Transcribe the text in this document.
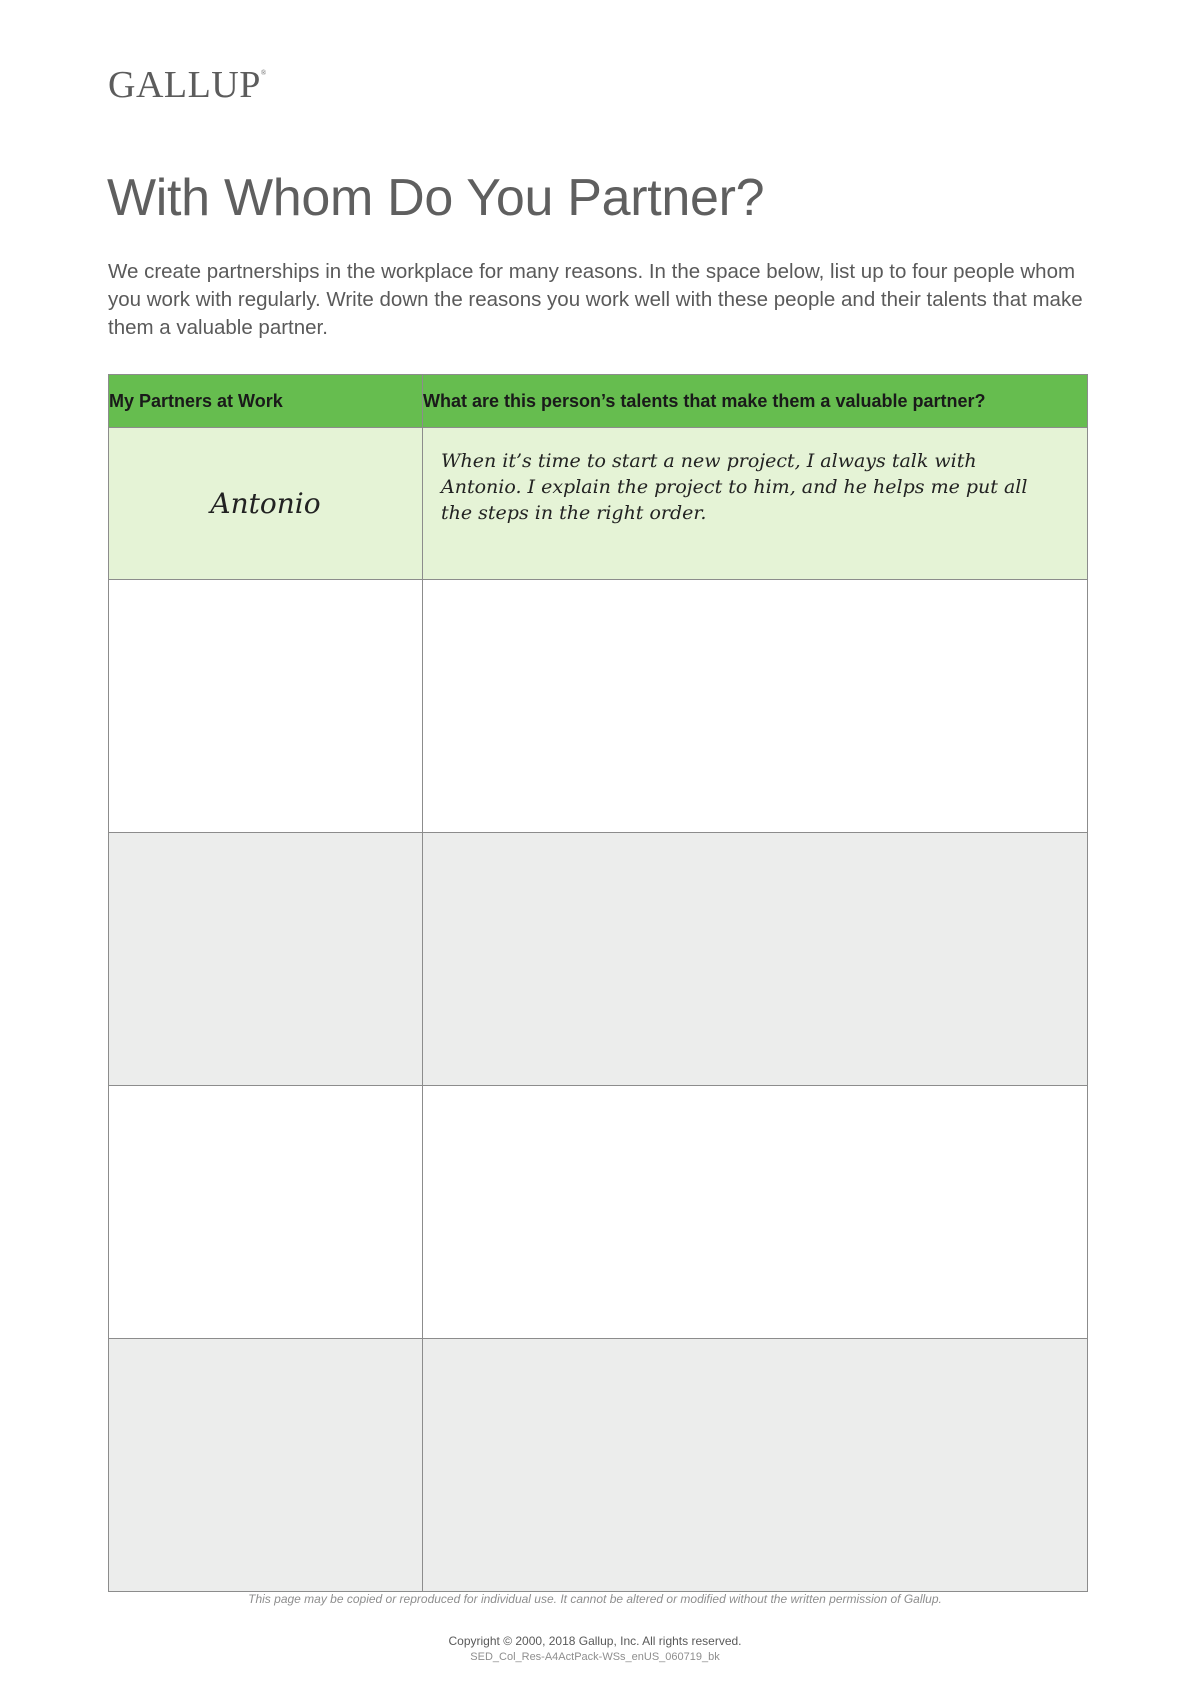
GALLUP®
With Whom Do You Partner?

We create partnerships in the workplace for many reasons. In the space below, list up to four people whom you work with regularly. Write down the reasons you work well with these people and their talents that make them a valuable partner.

My Partners at Work	What are this person’s talents that make them a valuable partner?
Antonio	When it’s time to start a new project, I always talk with Antonio. I explain the project to him, and he helps me put all the steps in the right order.

This page may be copied or reproduced for individual use. It cannot be altered or modified without the written permission of Gallup.
Copyright © 2000, 2018 Gallup, Inc. All rights reserved.
SED_Col_Res-A4ActPack-WSs_enUS_060719_bk
